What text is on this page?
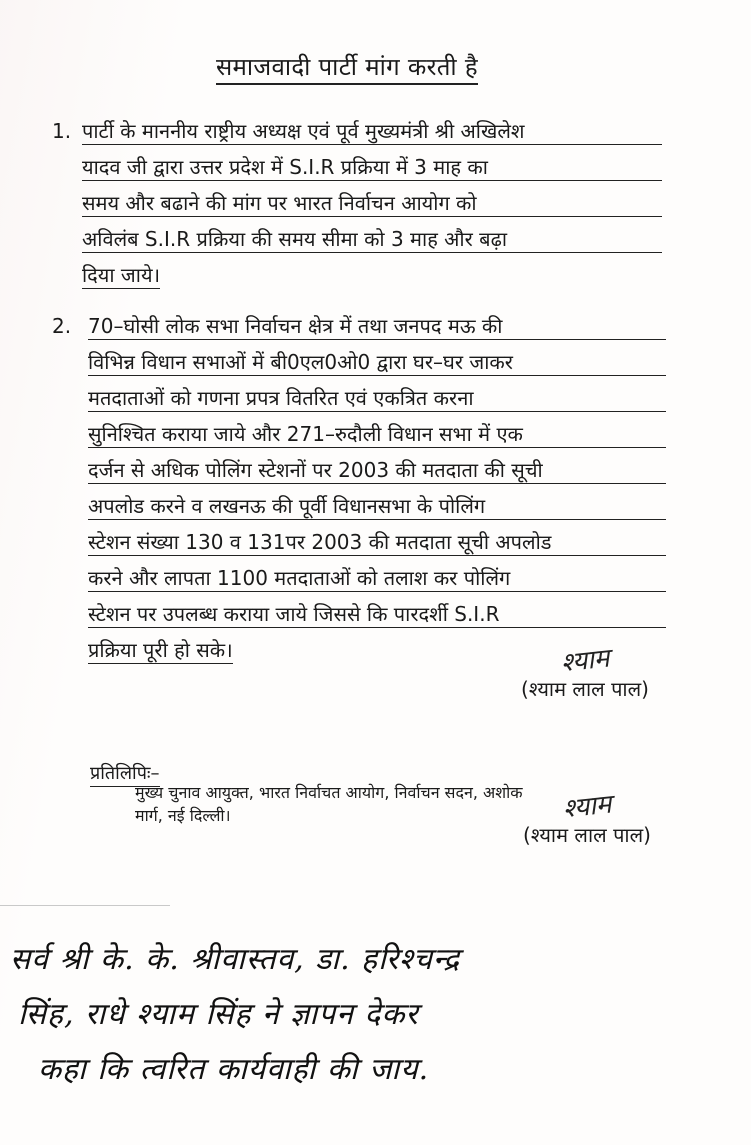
समाजवादी पार्टी मांग करती है
1. पार्टी के माननीय राष्ट्रीय अध्यक्ष एवं पूर्व मुख्यमंत्री श्री अखिलेश
यादव जी द्वारा उत्तर प्रदेश में S.I.R प्रक्रिया में 3 माह का
समय और बढाने की मांग पर भारत निर्वाचन आयोग को
अविलंब S.I.R प्रक्रिया की समय सीमा को 3 माह और बढ़ा
दिया जाये।
2. 70–घोसी लोक सभा निर्वाचन क्षेत्र में तथा जनपद मऊ की
विभिन्न विधान सभाओं में बी0एल0ओ0 द्वारा घर–घर जाकर
मतदाताओं को गणना प्रपत्र वितरित एवं एकत्रित करना
सुनिश्चित कराया जाये और 271–रुदौली विधान सभा में एक
दर्जन से अधिक पोलिंग स्टेशनों पर 2003 की मतदाता की सूची
अपलोड करने व लखनऊ की पूर्वी विधानसभा के पोलिंग
स्टेशन संख्या 130 व 131पर 2003 की मतदाता सूची अपलोड
करने और लापता 1100 मतदाताओं को तलाश कर पोलिंग
स्टेशन पर उपलब्ध कराया जाये जिससे कि पारदर्शी S.I.R
प्रक्रिया पूरी हो सके।	श्याम
(श्याम लाल पाल)
प्रतिलिपिः–
मुख्य चुनाव आयुक्त, भारत निर्वाचत आयोग, निर्वाचन सदन, अशोक
मार्ग, नई दिल्ली।	श्याम
(श्याम लाल पाल)
सर्व श्री के. के. श्रीवास्तव, डा. हरिश्चन्द्र
सिंह, राधे श्याम सिंह ने ज्ञापन देकर
कहा कि त्वरित कार्यवाही की जाय.
